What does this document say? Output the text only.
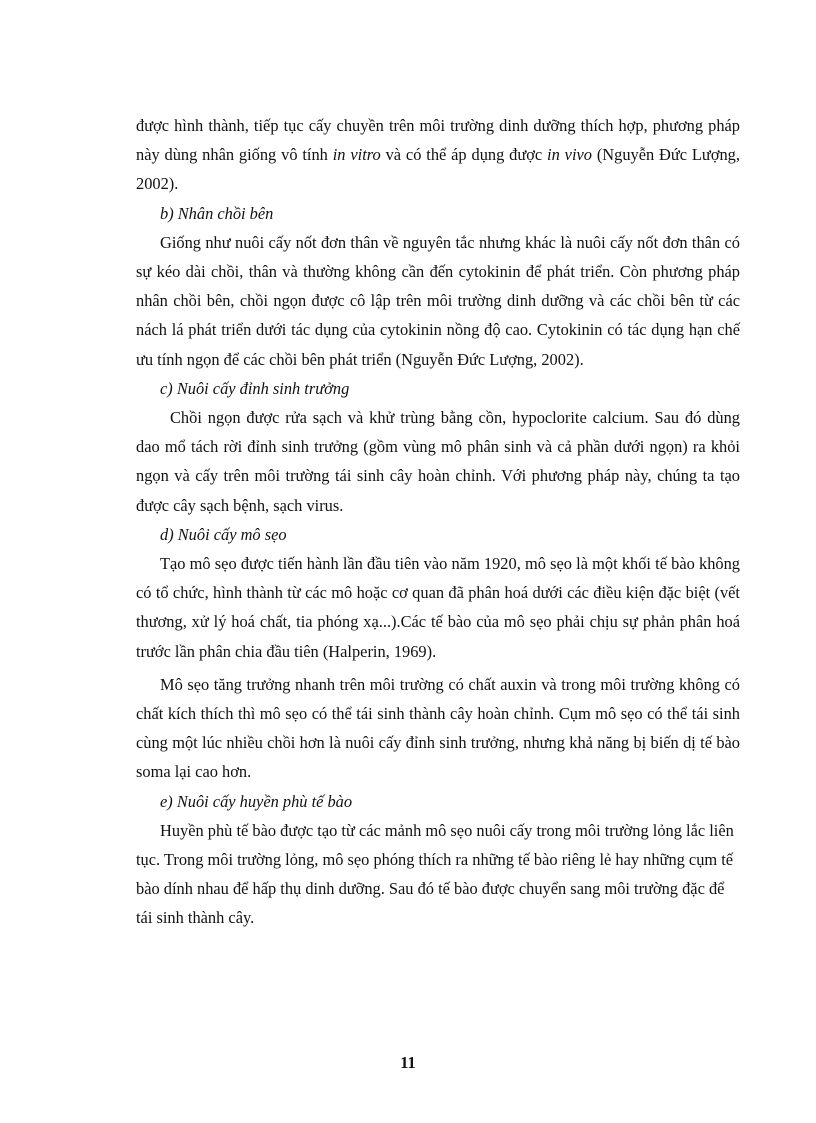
được hình thành, tiếp tục cấy chuyền trên môi trường dinh dưỡng thích hợp, phương pháp này dùng nhân giống vô tính in vitro và có thể áp dụng được in vivo (Nguyễn Đức Lượng, 2002).

b) Nhân chồi bên

Giống như nuôi cấy nốt đơn thân về nguyên tắc nhưng khác là nuôi cấy nốt đơn thân có sự kéo dài chồi, thân và thường không cần đến cytokinin để phát triển. Còn phương pháp nhân chồi bên, chồi ngọn được cô lập trên môi trường dinh dưỡng và các chồi bên từ các nách lá phát triển dưới tác dụng của cytokinin nồng độ cao. Cytokinin có tác dụng hạn chế ưu tính ngọn để các chồi bên phát triển (Nguyễn Đức Lượng, 2002).

c) Nuôi cấy đỉnh sinh trưởng

Chồi ngọn được rửa sạch và khử trùng bằng cồn, hypoclorite calcium. Sau đó dùng dao mổ tách rời đỉnh sinh trưởng (gồm vùng mô phân sinh và cả phần dưới ngọn) ra khỏi ngọn và cấy trên môi trường tái sinh cây hoàn chỉnh. Với phương pháp này, chúng ta tạo được cây sạch bệnh, sạch virus.

d) Nuôi cấy mô sẹo

Tạo mô sẹo được tiến hành lần đầu tiên vào năm 1920, mô sẹo là một khối tế bào không có tổ chức, hình thành từ các mô hoặc cơ quan đã phân hoá dưới các điều kiện đặc biệt (vết thương, xử lý hoá chất, tia phóng xạ...).Các tế bào của mô sẹo phải chịu sự phản phân hoá trước lần phân chia đầu tiên (Halperin, 1969).

Mô sẹo tăng trưởng nhanh trên môi trường có chất auxin và trong môi trường không có chất kích thích thì mô sẹo có thể tái sinh thành cây hoàn chỉnh. Cụm mô sẹo có thể tái sinh cùng một lúc nhiều chồi hơn là nuôi cấy đỉnh sinh trưởng, nhưng khả năng bị biến dị tế bào soma lại cao hơn.

e) Nuôi cấy huyền phù tế bào

Huyền phù tế bào được tạo từ các mảnh mô sẹo nuôi cấy trong môi trường lỏng lắc liên tục. Trong môi trường lỏng, mô sẹo phóng thích ra những tế bào riêng lẻ hay những cụm tế bào dính nhau để hấp thụ dinh dưỡng. Sau đó tế bào được chuyển sang môi trường đặc để tái sinh thành cây.

11
